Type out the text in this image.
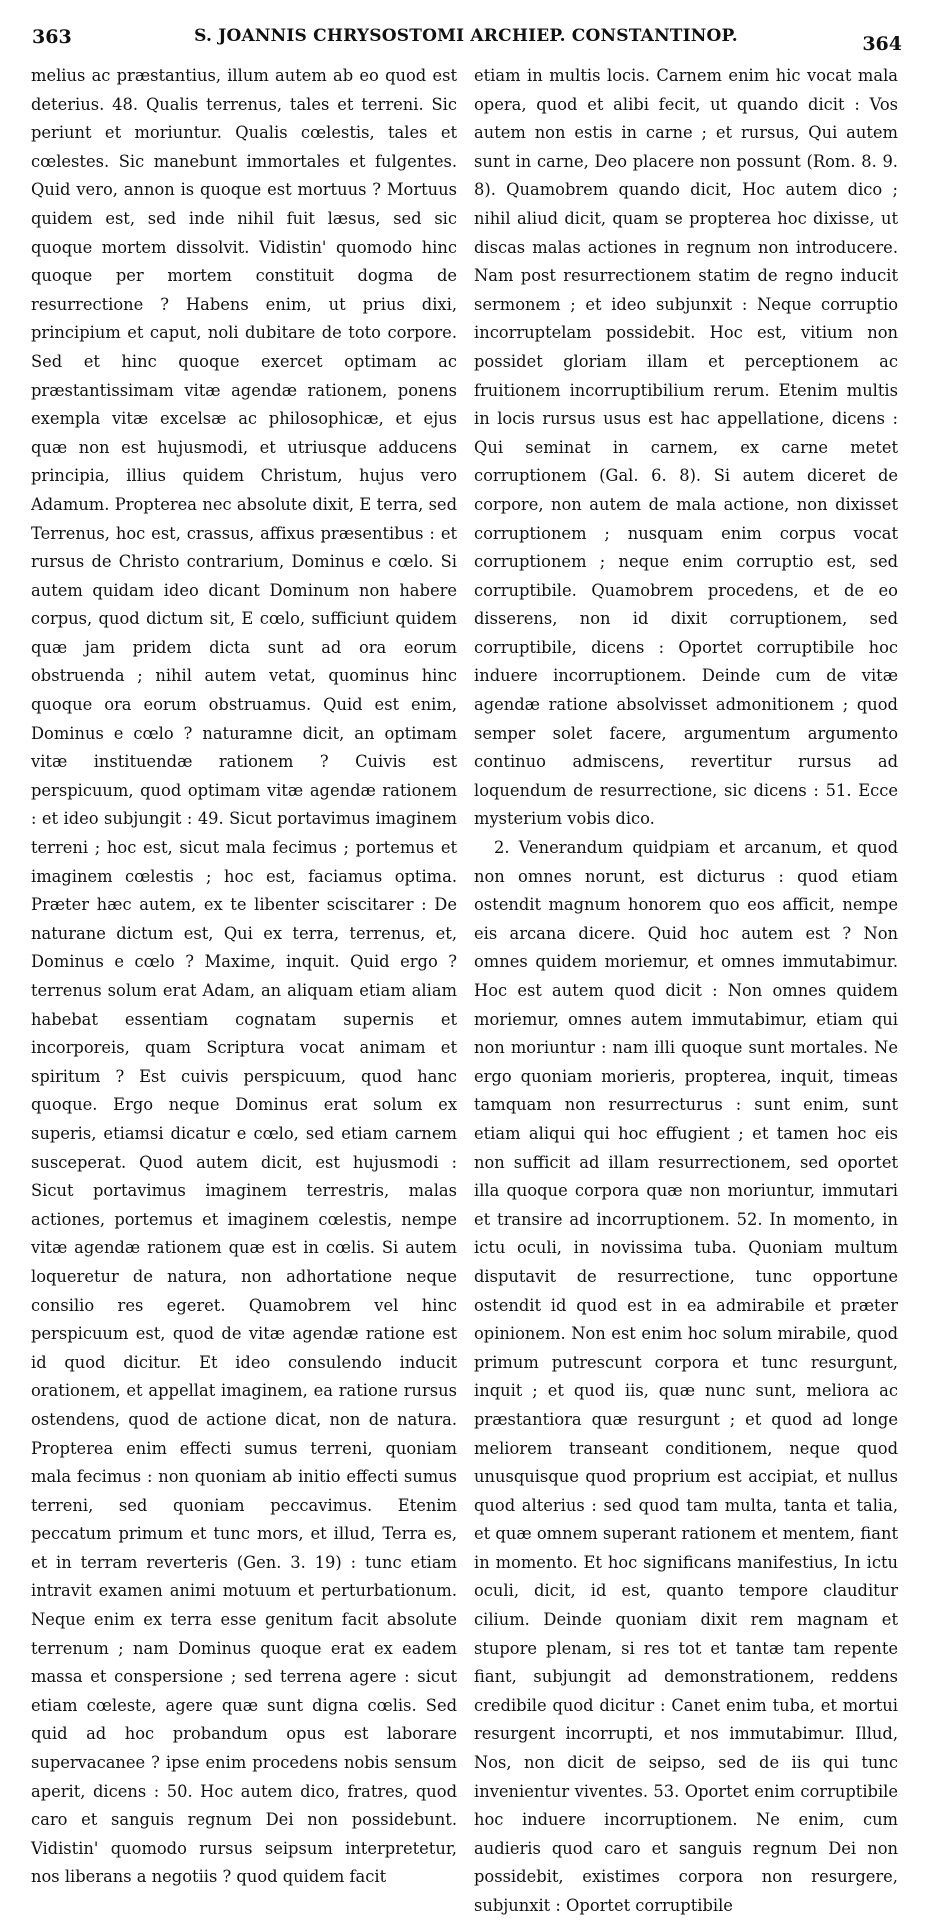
363	S. JOANNIS CHRYSOSTOMI ARCHIEP. CONSTANTINOP.	364

melius ac præstantius, illum autem ab eo quod est deterius. 48. Qualis terrenus, tales et terreni. Sic periunt et moriuntur. Qualis cœlestis, tales et cœlestes. Sic manebunt immortales et fulgentes. Quid vero, annon is quoque est mortuus ? Mortuus quidem est, sed inde nihil fuit læsus, sed sic quoque mortem dissolvit. Vidistin' quomodo hinc quoque per mortem constituit dogma de resurrectione ? Habens enim, ut prius dixi, principium et caput, noli dubitare de toto corpore. Sed et hinc quoque exercet optimam ac præstantissimam vitæ agendæ rationem, ponens exempla vitæ excelsæ ac philosophicæ, et ejus quæ non est hujusmodi, et utriusque adducens principia, illius quidem Christum, hujus vero Adamum. Propterea nec absolute dixit, E terra, sed Terrenus, hoc est, crassus, affixus præsentibus : et rursus de Christo contrarium, Dominus e cœlo. Si autem quidam ideo dicant Dominum non habere corpus, quod dictum sit, E cœlo, sufficiunt quidem quæ jam pridem dicta sunt ad ora eorum obstruenda ; nihil autem vetat, quominus hinc quoque ora eorum obstruamus. Quid est enim, Dominus e cœlo ? naturamne dicit, an optimam vitæ instituendæ rationem ? Cuivis est perspicuum, quod optimam vitæ agendæ rationem : et ideo subjungit : 49. Sicut portavimus imaginem terreni ; hoc est, sicut mala fecimus ; portemus et imaginem cœlestis ; hoc est, faciamus optima. Præter hæc autem, ex te libenter sciscitarer : De naturane dictum est, Qui ex terra, terrenus, et, Dominus e cœlo ? Maxime, inquit. Quid ergo ? terrenus solum erat Adam, an aliquam etiam aliam habebat essentiam cognatam supernis et incorporeis, quam Scriptura vocat animam et spiritum ? Est cuivis perspicuum, quod hanc quoque. Ergo neque Dominus erat solum ex superis, etiamsi dicatur e cœlo, sed etiam carnem susceperat. Quod autem dicit, est hujusmodi : Sicut portavimus imaginem terrestris, malas actiones, portemus et imaginem cœlestis, nempe vitæ agendæ rationem quæ est in cœlis. Si autem loqueretur de natura, non adhortatione neque consilio res egeret. Quamobrem vel hinc perspicuum est, quod de vitæ agendæ ratione est id quod dicitur. Et ideo consulendo inducit orationem, et appellat imaginem, ea ratione rursus ostendens, quod de actione dicat, non de natura. Propterea enim effecti sumus terreni, quoniam mala fecimus : non quoniam ab initio effecti sumus terreni, sed quoniam peccavimus. Etenim peccatum primum et tunc mors, et illud, Terra es, et in terram reverteris (Gen. 3. 19) : tunc etiam intravit examen animi motuum et perturbationum. Neque enim ex terra esse genitum facit absolute terrenum ; nam Dominus quoque erat ex eadem massa et conspersione ; sed terrena agere : sicut etiam cœleste, agere quæ sunt digna cœlis. Sed quid ad hoc probandum opus est laborare supervacanee ? ipse enim procedens nobis sensum aperit, dicens : 50. Hoc autem dico, fratres, quod caro et sanguis regnum Dei non possidebunt. Vidistin' quomodo rursus seipsum interpretetur, nos liberans a negotiis ? quod quidem facit

etiam in multis locis. Carnem enim hic vocat mala opera, quod et alibi fecit, ut quando dicit : Vos autem non estis in carne ; et rursus, Qui autem sunt in carne, Deo placere non possunt (Rom. 8. 9. 8). Quamobrem quando dicit, Hoc autem dico ; nihil aliud dicit, quam se propterea hoc dixisse, ut discas malas actiones in regnum non introducere. Nam post resurrectionem statim de regno inducit sermonem ; et ideo subjunxit : Neque corruptio incorruptelam possidebit. Hoc est, vitium non possidet gloriam illam et perceptionem ac fruitionem incorruptibilium rerum. Etenim multis in locis rursus usus est hac appellatione, dicens : Qui seminat in carnem, ex carne metet corruptionem (Gal. 6. 8). Si autem diceret de corpore, non autem de mala actione, non dixisset corruptionem ; nusquam enim corpus vocat corruptionem ; neque enim corruptio est, sed corruptibile. Quamobrem procedens, et de eo disserens, non id dixit corruptionem, sed corruptibile, dicens : Oportet corruptibile hoc induere incorruptionem. Deinde cum de vitæ agendæ ratione absolvisset admonitionem ; quod semper solet facere, argumentum argumento continuo admiscens, revertitur rursus ad loquendum de resurrectione, sic dicens : 51. Ecce mysterium vobis dico.

2. Venerandum quidpiam et arcanum, et quod non omnes norunt, est dicturus : quod etiam ostendit magnum honorem quo eos afficit, nempe eis arcana dicere. Quid hoc autem est ? Non omnes quidem moriemur, et omnes immutabimur. Hoc est autem quod dicit : Non omnes quidem moriemur, omnes autem immutabimur, etiam qui non moriuntur : nam illi quoque sunt mortales. Ne ergo quoniam morieris, propterea, inquit, timeas tamquam non resurrecturus : sunt enim, sunt etiam aliqui qui hoc effugient ; et tamen hoc eis non sufficit ad illam resurrectionem, sed oportet illa quoque corpora quæ non moriuntur, immutari et transire ad incorruptionem. 52. In momento, in ictu oculi, in novissima tuba. Quoniam multum disputavit de resurrectione, tunc opportune ostendit id quod est in ea admirabile et præter opinionem. Non est enim hoc solum mirabile, quod primum putrescunt corpora et tunc resurgunt, inquit ; et quod iis, quæ nunc sunt, meliora ac præstantiora quæ resurgunt ; et quod ad longe meliorem transeant conditionem, neque quod unusquisque quod proprium est accipiat, et nullus quod alterius : sed quod tam multa, tanta et talia, et quæ omnem superant rationem et mentem, fiant in momento. Et hoc significans manifestius, In ictu oculi, dicit, id est, quanto tempore clauditur cilium. Deinde quoniam dixit rem magnam et stupore plenam, si res tot et tantæ tam repente fiant, subjungit ad demonstrationem, reddens credibile quod dicitur : Canet enim tuba, et mortui resurgent incorrupti, et nos immutabimur. Illud, Nos, non dicit de seipso, sed de iis qui tunc invenientur viventes. 53. Oportet enim corruptibile hoc induere incorruptionem. Ne enim, cum audieris quod caro et sanguis regnum Dei non possidebit, existimes corpora non resurgere, subjunxit : Oportet corruptibile
